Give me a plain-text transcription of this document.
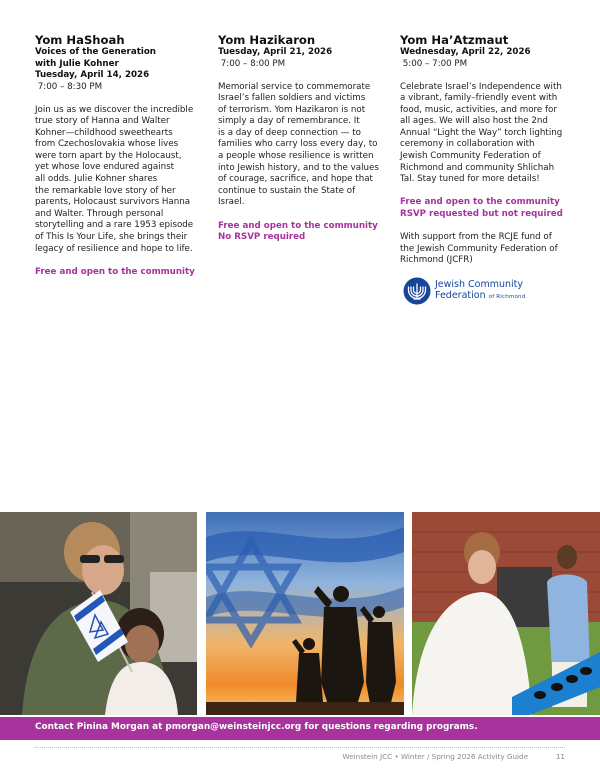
Yom HaShoah
Voices of the Generation
with Julie Kohner
Tuesday, April 14, 2026
7:00 – 8:30 PM
Join us as we discover the incredible
true story of Hanna and Walter
Kohner—childhood sweethearts
from Czechoslovakia whose lives
were torn apart by the Holocaust,
yet whose love endured against
all odds. Julie Kohner shares
the remarkable love story of her
parents, Holocaust survivors Hanna
and Walter. Through personal
storytelling and a rare 1953 episode
of This Is Your Life, she brings their
legacy of resilience and hope to life.
Free and open to the community
Yom Hazikaron
Tuesday, April 21, 2026
7:00 – 8:00 PM
Memorial service to commemorate
Israel’s fallen soldiers and victims
of terrorism. Yom Hazikaron is not
simply a day of remembrance. It
is a day of deep connection — to
families who carry loss every day, to
a people whose resilience is written
into Jewish history, and to the values
of courage, sacrifice, and hope that
continue to sustain the State of
Israel.
Free and open to the community
No RSVP required
Yom Ha’Atzmaut
Wednesday, April 22, 2026
5:00 – 7:00 PM
Celebrate Israel’s Independence with
a vibrant, family–friendly event with
food, music, activities, and more for
all ages. We will also host the 2nd
Annual “Light the Way” torch lighting
ceremony in collaboration with
Jewish Community Federation of
Richmond and community Shlichah
Tal. Stay tuned for more details!
Free and open to the community
RSVP requested but not required
With support from the RCJE fund of
the Jewish Community Federation of
Richmond (JCFR)
Jewish Community
Federation of Richmond
Contact Pinina Morgan at pmorgan@weinsteinjcc.org for questions regarding programs.
Weinstein JCC • Winter / Spring 2026 Activity Guide	11
